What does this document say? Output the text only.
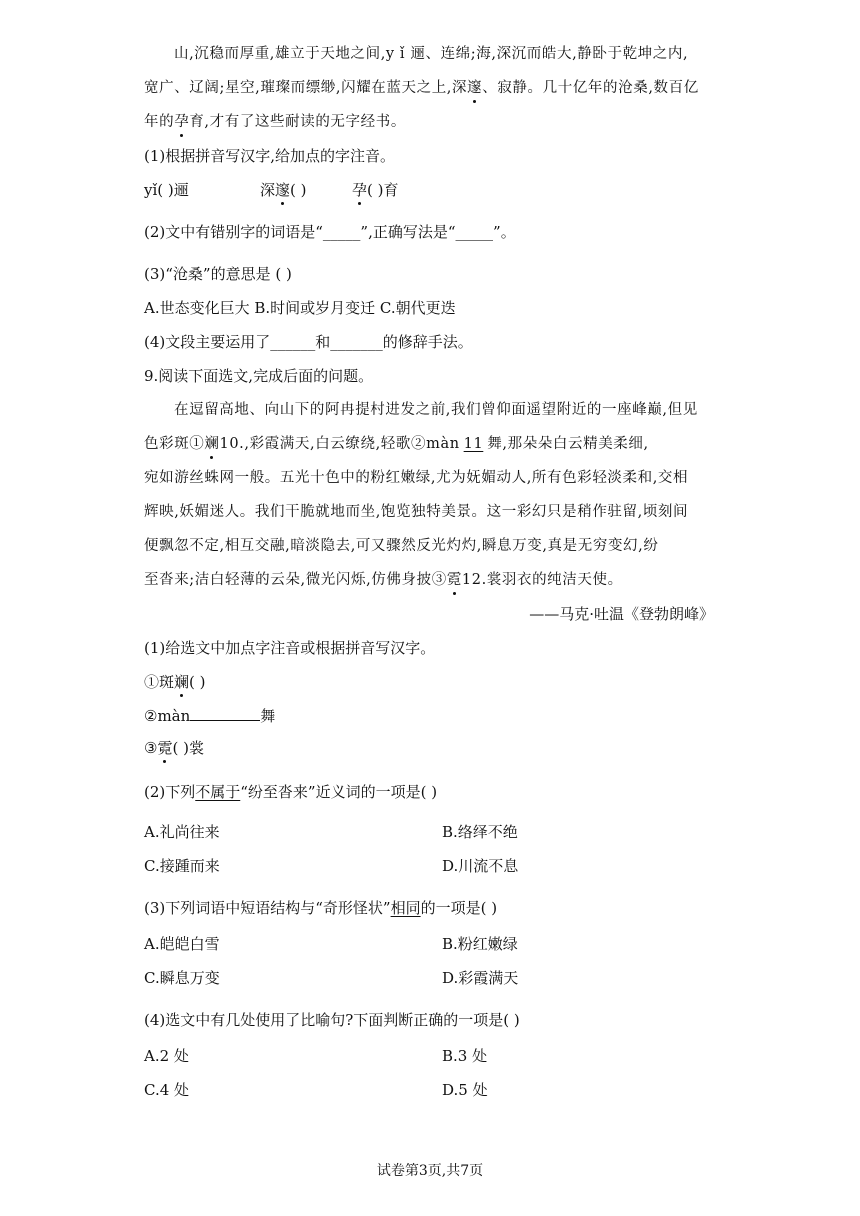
山,沉稳而厚重,雄立于天地之间,y ǐ 逦、连绵;海,深沉而皓大,静卧于乾坤之内,
宽广、辽阔;星空,璀璨而缥缈,闪耀在蓝天之上,深邃、寂静。几十亿年的沧桑,数百亿
年的孕育,才有了这些耐读的无字经书。
(1)根据拼音写汉字,给加点的字注音。
yǐ( )逦	深邃( )	孕( )育
(2)文中有错别字的词语是“_____”,正确写法是“_____”。
(3)“沧桑”的意思是 ( )
A.世态变化巨大 B.时间或岁月变迁 C.朝代更迭
(4)文段主要运用了______和_______的修辞手法。
9.阅读下面选文,完成后面的问题。
在逗留高地、向山下的阿冉提村进发之前,我们曾仰面遥望附近的一座峰巅,但见
色彩斑①斓10.,彩霞满天,白云缭绕,轻歌②màn 11 舞,那朵朵白云精美柔细,
宛如游丝蛛网一般。五光十色中的粉红嫩绿,尤为妩媚动人,所有色彩轻淡柔和,交相
辉映,妖媚迷人。我们干脆就地而坐,饱览独特美景。这一彩幻只是稍作驻留,顷刻间
便飘忽不定,相互交融,暗淡隐去,可又骤然反光灼灼,瞬息万变,真是无穷变幻,纷
至沓来;洁白轻薄的云朵,微光闪烁,仿佛身披③霓12.裳羽衣的纯洁天使。
——马克·吐温《登勃朗峰》
(1)给选文中加点字注音或根据拼音写汉字。
①斑斓( )
②màn	舞
③霓( )裳
(2)下列不属于“纷至沓来”近义词的一项是( )
A.礼尚往来	B.络绎不绝
C.接踵而来	D.川流不息
(3)下列词语中短语结构与“奇形怪状”相同的一项是( )
A.皑皑白雪	B.粉红嫩绿
C.瞬息万变	D.彩霞满天
(4)选文中有几处使用了比喻句?下面判断正确的一项是( )
A.2 处	B.3 处
C.4 处	D.5 处
试卷第3页,共7页
